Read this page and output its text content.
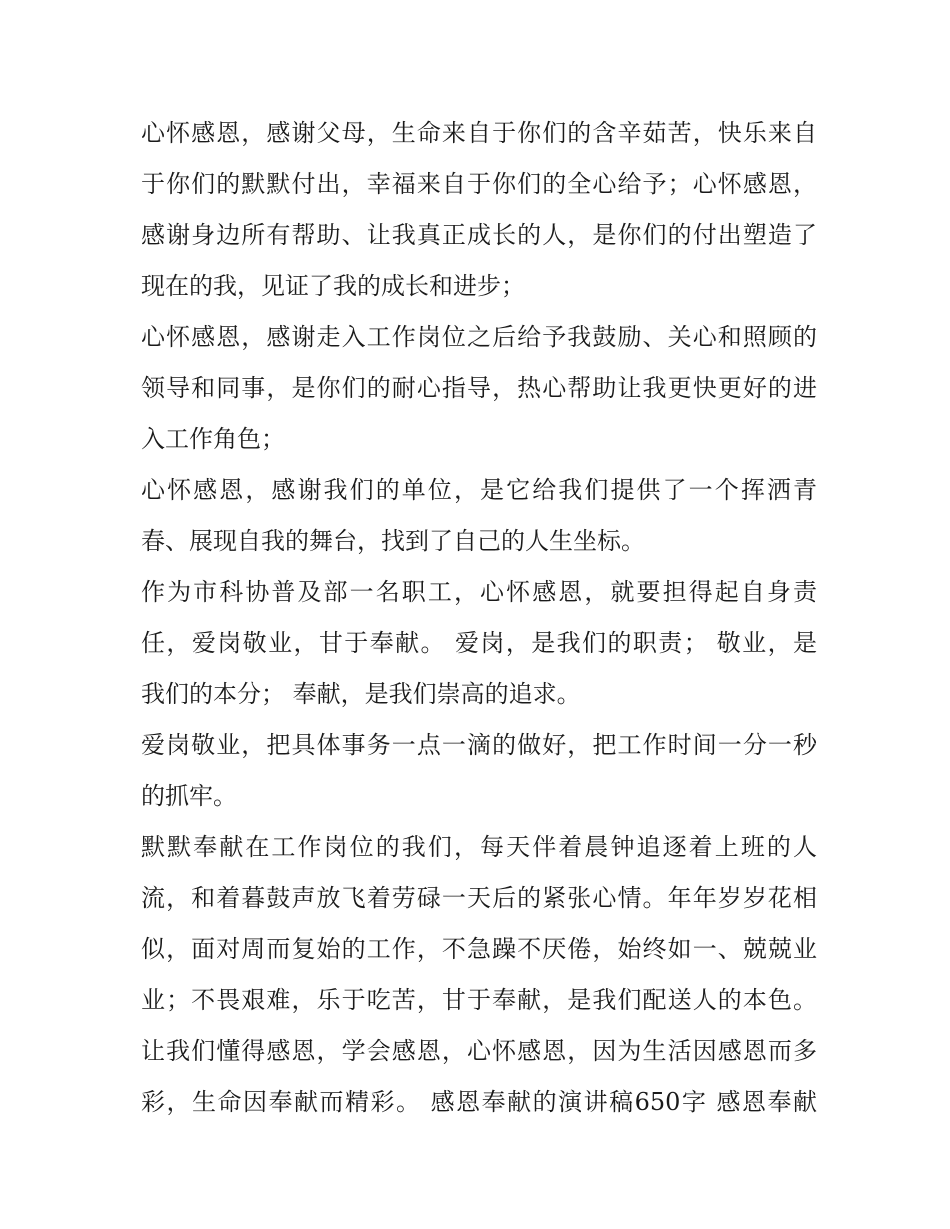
心怀感恩，感谢父母，生命来自于你们的含辛茹苦，快乐来自
于你们的默默付出，幸福来自于你们的全心给予；心怀感恩，
感谢身边所有帮助、让我真正成长的人，是你们的付出塑造了
现在的我，见证了我的成长和进步；
心怀感恩，感谢走入工作岗位之后给予我鼓励、关心和照顾的
领导和同事，是你们的耐心指导，热心帮助让我更快更好的进
入工作角色；
心怀感恩，感谢我们的单位，是它给我们提供了一个挥洒青
春、展现自我的舞台，找到了自己的人生坐标。
作为市科协普及部一名职工，心怀感恩，就要担得起自身责
任，爱岗敬业，甘于奉献。 爱岗，是我们的职责； 敬业，是
我们的本分； 奉献，是我们崇高的追求。
爱岗敬业，把具体事务一点一滴的做好，把工作时间一分一秒
的抓牢。
默默奉献在工作岗位的我们，每天伴着晨钟追逐着上班的人
流，和着暮鼓声放飞着劳碌一天后的紧张心情。年年岁岁花相
似，面对周而复始的工作，不急躁不厌倦，始终如一、兢兢业
业；不畏艰难，乐于吃苦，甘于奉献，是我们配送人的本色。
让我们懂得感恩，学会感恩，心怀感恩，因为生活因感恩而多
彩，生命因奉献而精彩。 感恩奉献的演讲稿650字 感恩奉献
